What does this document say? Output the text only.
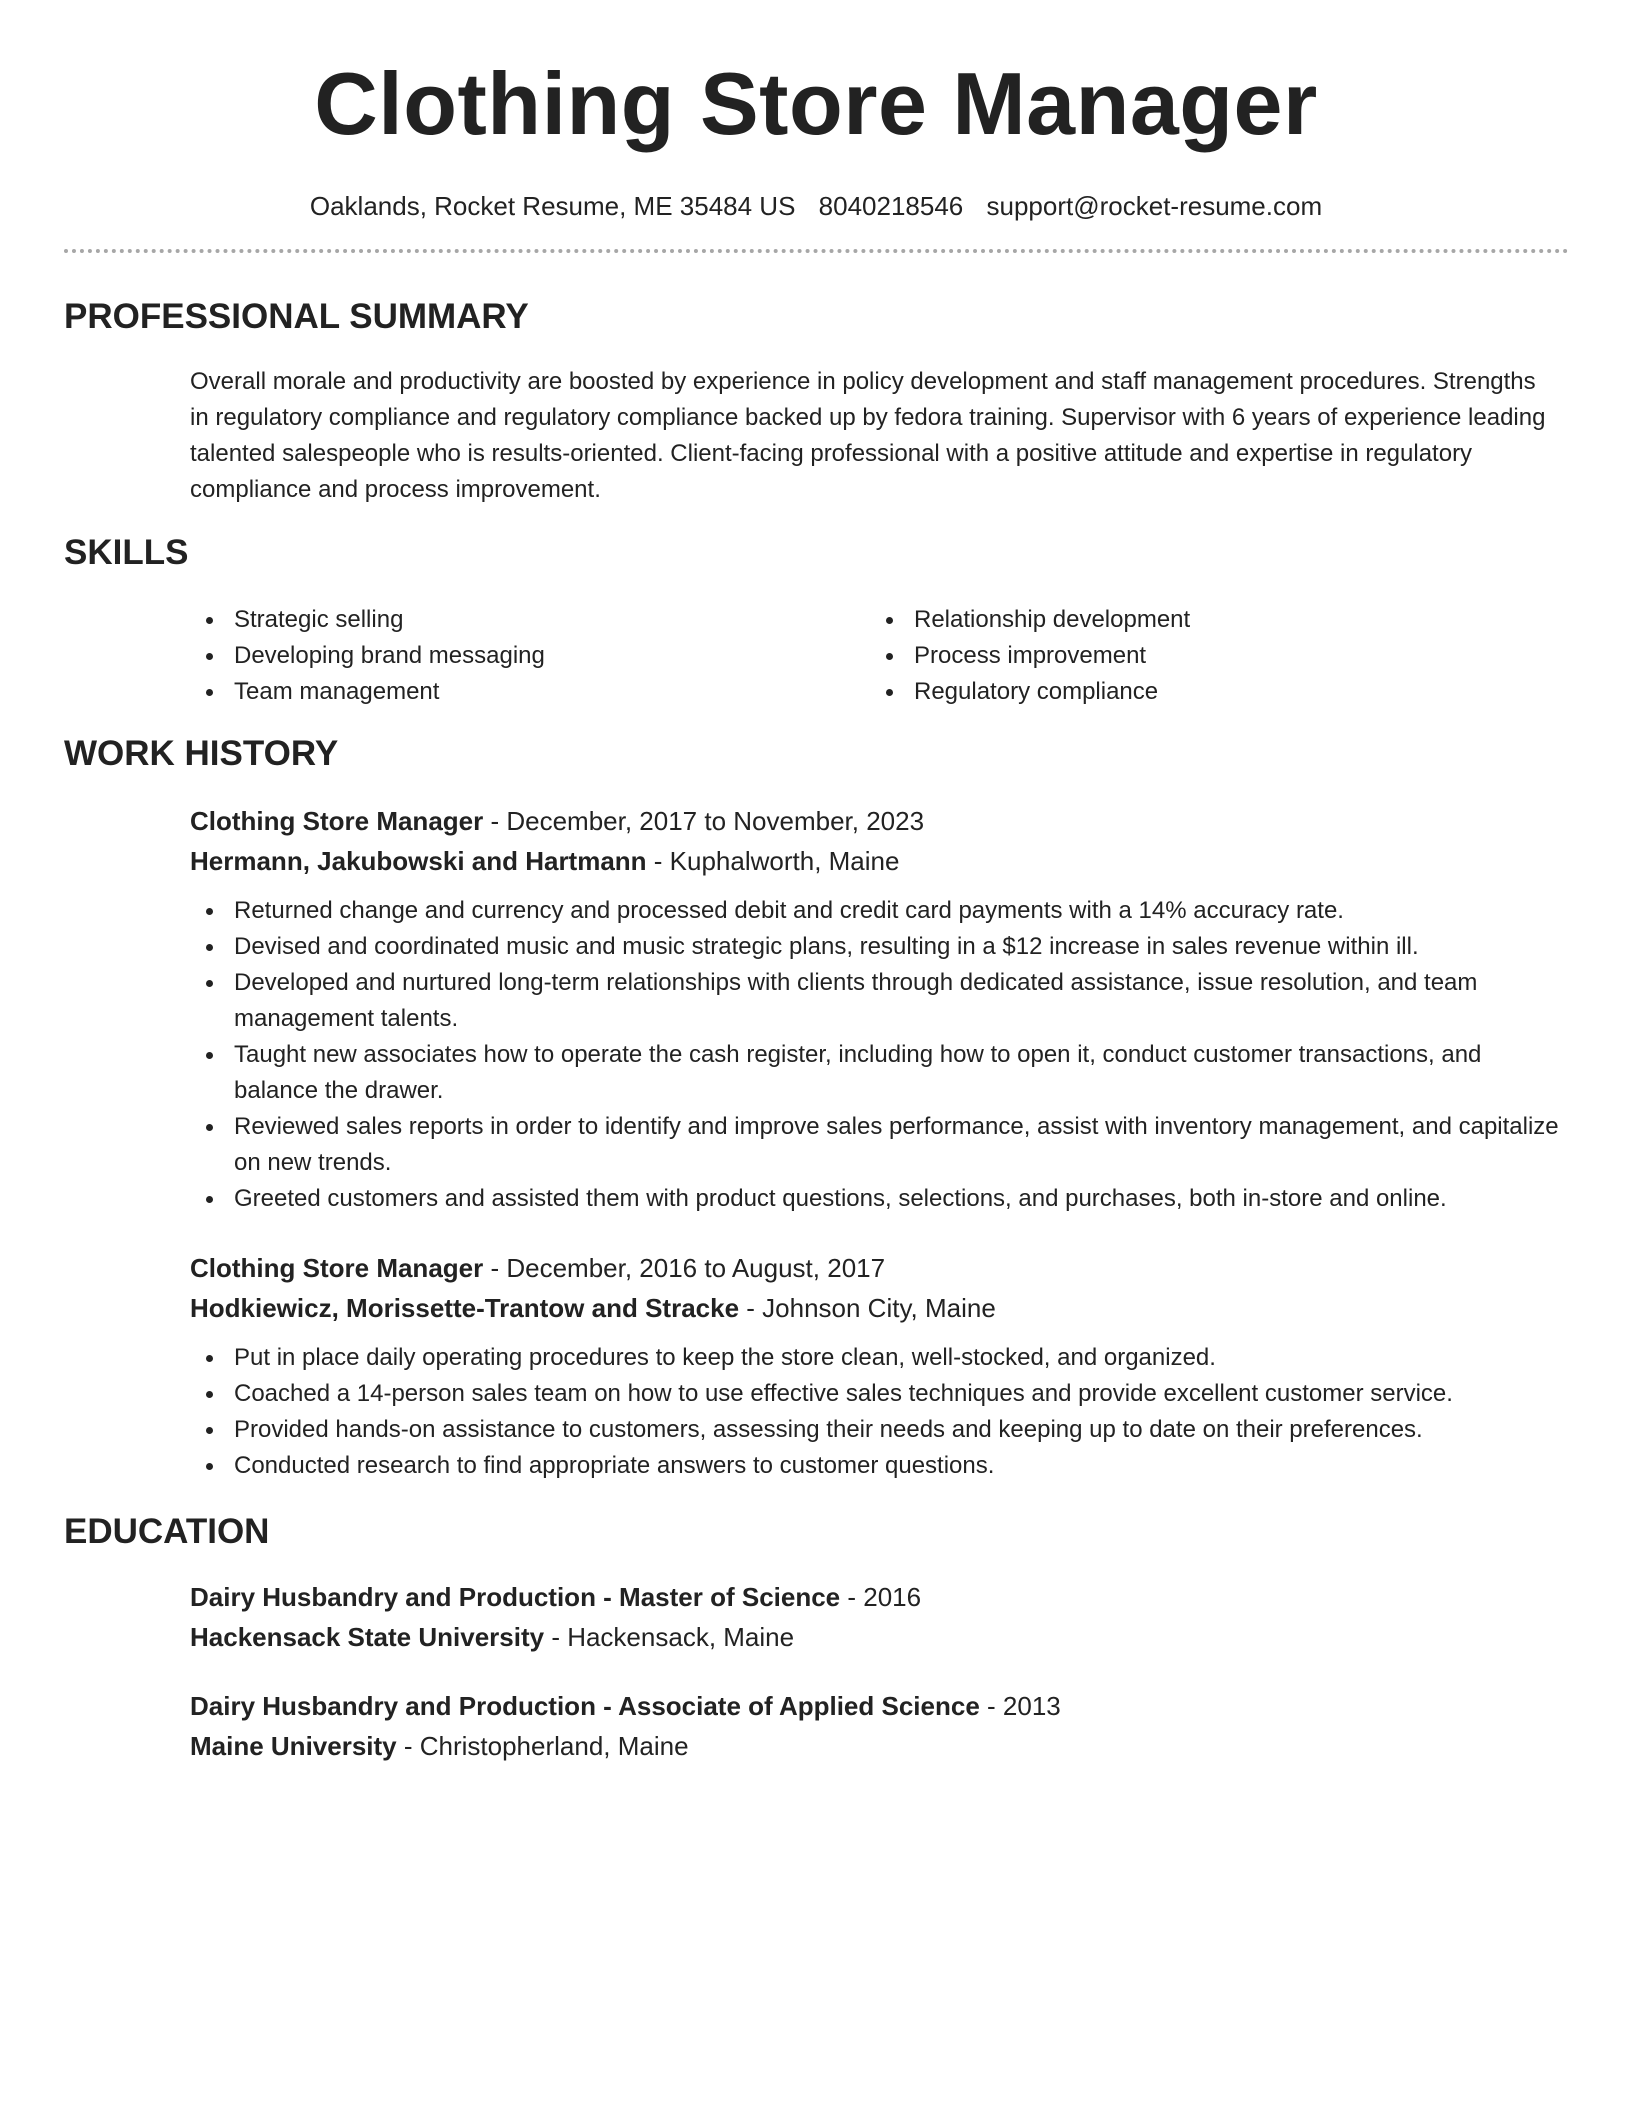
Clothing Store Manager
Oaklands, Rocket Resume, ME 35484 US 8040218546 support@rocket-resume.com
PROFESSIONAL SUMMARY

Overall morale and productivity are boosted by experience in policy development and staff management procedures. Strengths in regulatory compliance and regulatory compliance backed up by fedora training. Supervisor with 6 years of experience leading talented salespeople who is results-oriented. Client-facing professional with a positive attitude and expertise in regulatory compliance and process improvement.

SKILLS
Strategic selling
Developing brand messaging
Team management
Relationship development
Process improvement
Regulatory compliance
WORK HISTORY
Clothing Store Manager - December, 2017 to November, 2023
Hermann, Jakubowski and Hartmann - Kuphalworth, Maine
Returned change and currency and processed debit and credit card payments with a 14% accuracy rate.
Devised and coordinated music and music strategic plans, resulting in a $12 increase in sales revenue within ill.
Developed and nurtured long-term relationships with clients through dedicated assistance, issue resolution, and team management talents.
Taught new associates how to operate the cash register, including how to open it, conduct customer transactions, and balance the drawer.
Reviewed sales reports in order to identify and improve sales performance, assist with inventory management, and capitalize on new trends.
Greeted customers and assisted them with product questions, selections, and purchases, both in-store and online.
Clothing Store Manager - December, 2016 to August, 2017
Hodkiewicz, Morissette-Trantow and Stracke - Johnson City, Maine
Put in place daily operating procedures to keep the store clean, well-stocked, and organized.
Coached a 14-person sales team on how to use effective sales techniques and provide excellent customer service.
Provided hands-on assistance to customers, assessing their needs and keeping up to date on their preferences.
Conducted research to find appropriate answers to customer questions.
EDUCATION
Dairy Husbandry and Production - Master of Science - 2016
Hackensack State University - Hackensack, Maine
Dairy Husbandry and Production - Associate of Applied Science - 2013
Maine University - Christopherland, Maine
